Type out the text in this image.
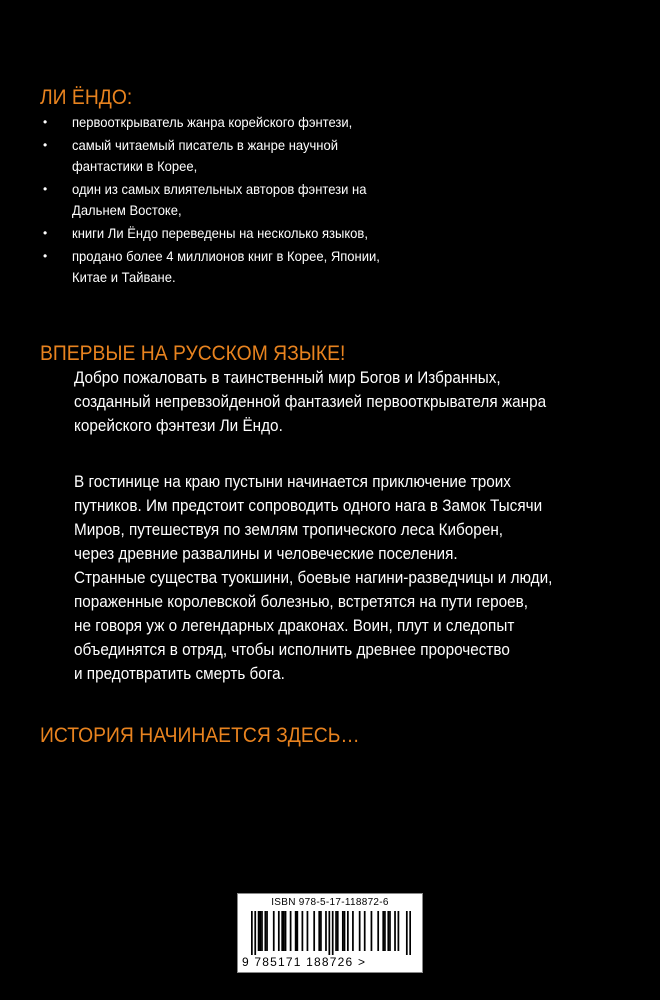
ЛИ ЁНДО:
• первооткрыватель жанра корейского фэнтези,
• самый читаемый писатель в жанре научной
фантастики в Корее,
• один из самых влиятельных авторов фэнтези на
Дальнем Востоке,
• книги Ли Ёндо переведены на несколько языков,
• продано более 4 миллионов книг в Корее, Японии,
Китае и Тайване.
ВПЕРВЫЕ НА РУССКОМ ЯЗЫКЕ!
Добро пожаловать в таинственный мир Богов и Избранных,
созданный непревзойденной фантазией первооткрывателя жанра
корейского фэнтези Ли Ёндо.
В гостинице на краю пустыни начинается приключение троих
путников. Им предстоит сопроводить одного нага в Замок Тысячи
Миров, путешествуя по землям тропического леса Киборен,
через древние развалины и человеческие поселения.
Странные существа туокшини, боевые нагини-разведчицы и люди,
пораженные королевской болезнью, встретятся на пути героев,
не говоря уж о легендарных драконах. Воин, плут и следопыт
объединятся в отряд, чтобы исполнить древнее пророчество
и предотвратить смерть бога.
ИСТОРИЯ НАЧИНАЕТСЯ ЗДЕСЬ…
ISBN 978-5-17-118872-6
9 785171 188726 >
